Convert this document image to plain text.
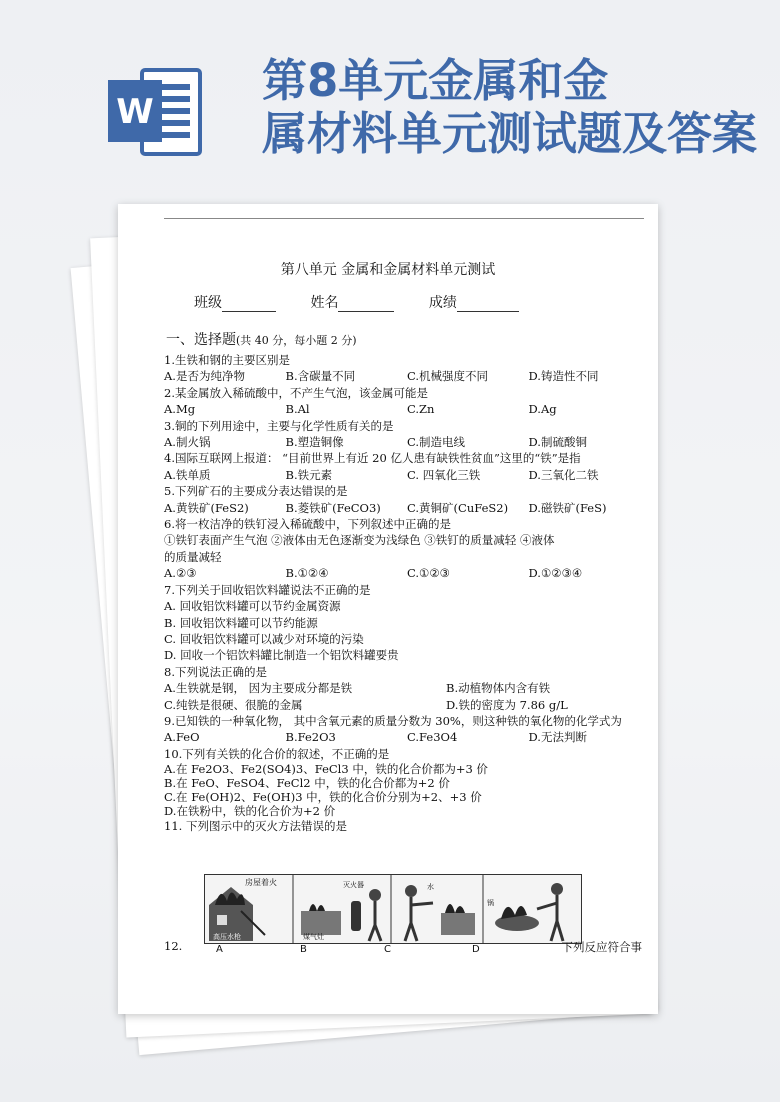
W
第8单元金属和金
属材料单元测试题及答案
第八单元 金属和金属材料单元测试
班级	姓名	成绩
一、选择题(共 40 分，每小题 2 分)
1.生铁和钢的主要区别是
A.是否为纯净物	B.含碳量不同	C.机械强度不同	D.铸造性不同
2.某金属放入稀硫酸中，不产生气泡，该金属可能是
A.Mg	B.Al	C.Zn	D.Ag
3.铜的下列用途中，主要与化学性质有关的是
A.制火锅	B.塑造铜像	C.制造电线	D.制硫酸铜
4.国际互联网上报道： “目前世界上有近 20 亿人患有缺铁性贫血”这里的“铁”是指
A.铁单质	B.铁元素	C. 四氧化三铁	D.三氧化二铁
5.下列矿石的主要成分表达错误的是
A.黄铁矿(FeS2)	B.菱铁矿(FeCO3)	C.黄铜矿(CuFeS2)	D.磁铁矿(FeS)
6.将一枚洁净的铁钉浸入稀硫酸中，下列叙述中正确的是
①铁钉表面产生气泡 ②液体由无色逐渐变为浅绿色 ③铁钉的质量减轻 ④液体
的质量减轻
A.②③	B.①②④	C.①②③	D.①②③④
7.下列关于回收铝饮料罐说法不正确的是
A. 回收铝饮料罐可以节约金属资源
B. 回收铝饮料罐可以节约能源
C. 回收铝饮料罐可以减少对环境的污染
D. 回收一个铝饮料罐比制造一个铝饮料罐要贵
8.下列说法正确的是
A.生铁就是钢， 因为主要成分都是铁	B.动植物体内含有铁
C.纯铁是很硬、很脆的金属	D.铁的密度为 7.86 g/L
9.已知铁的一种氧化物， 其中含氧元素的质量分数为 30%，则这种铁的氧化物的化学式为
A.FeO	B.Fe2O3	C.Fe3O4	D.无法判断
10.下列有关铁的化合价的叙述，不正确的是
A.在 Fe2O3、Fe2(SO4)3、FeCl3 中，铁的化合价都为+3 价
B.在 FeO、FeSO4、FeCl2 中，铁的化合价都为+2 价
C.在 Fe(OH)2、Fe(OH)3 中，铁的化合价分别为+2、+3 价
D.在铁粉中，铁的化合价为+2 价
11. 下列图示中的灭火方法错误的是
房屋着火
高压水枪	煤气灶
灭火器	水
锅
12.	A	B	C	D	下列反应符合事
